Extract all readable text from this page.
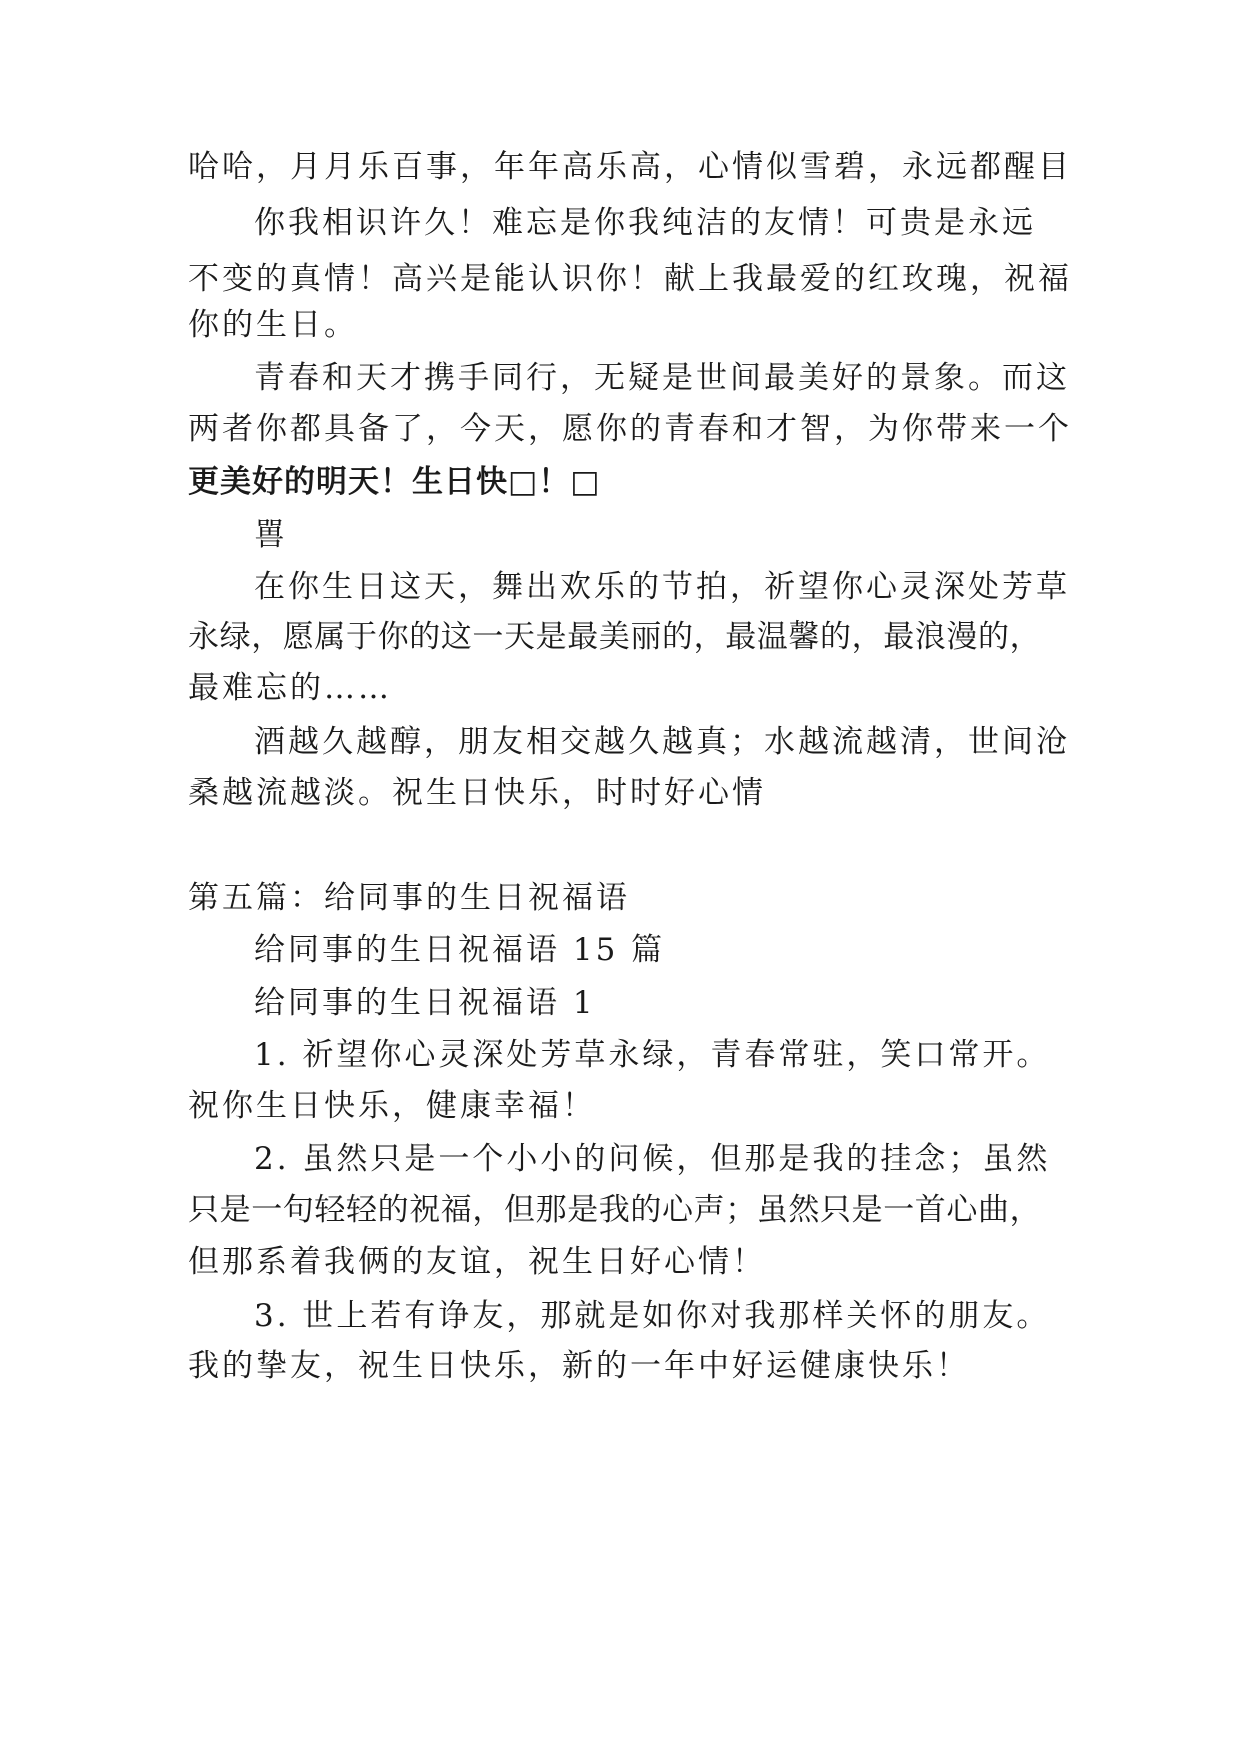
哈哈，月月乐百事，年年高乐高，心情似雪碧，永远都醒目
你我相识许久！难忘是你我纯洁的友情！可贵是永远
不变的真情！高兴是能认识你！献上我最爱的红玫瑰，祝福
你的生日。
青春和天才携手同行，无疑是世间最美好的景象。而这
两者你都具备了，今天，愿你的青春和才智，为你带来一个
更美好的明天！生日快□！□
嘼
在你生日这天，舞出欢乐的节拍，祈望你心灵深处芳草
永绿，愿属于你的这一天是最美丽的，最温馨的，最浪漫的，
最难忘的……
酒越久越醇，朋友相交越久越真；水越流越清，世间沧
桑越流越淡。祝生日快乐，时时好心情
第五篇：给同事的生日祝福语
给同事的生日祝福语 15 篇
给同事的生日祝福语 1
1. 祈望你心灵深处芳草永绿，青春常驻，笑口常开。
祝你生日快乐，健康幸福！
2. 虽然只是一个小小的问候，但那是我的挂念；虽然
只是一句轻轻的祝福，但那是我的心声；虽然只是一首心曲，
但那系着我俩的友谊，祝生日好心情！
3. 世上若有诤友，那就是如你对我那样关怀的朋友。
我的挚友，祝生日快乐，新的一年中好运健康快乐！
